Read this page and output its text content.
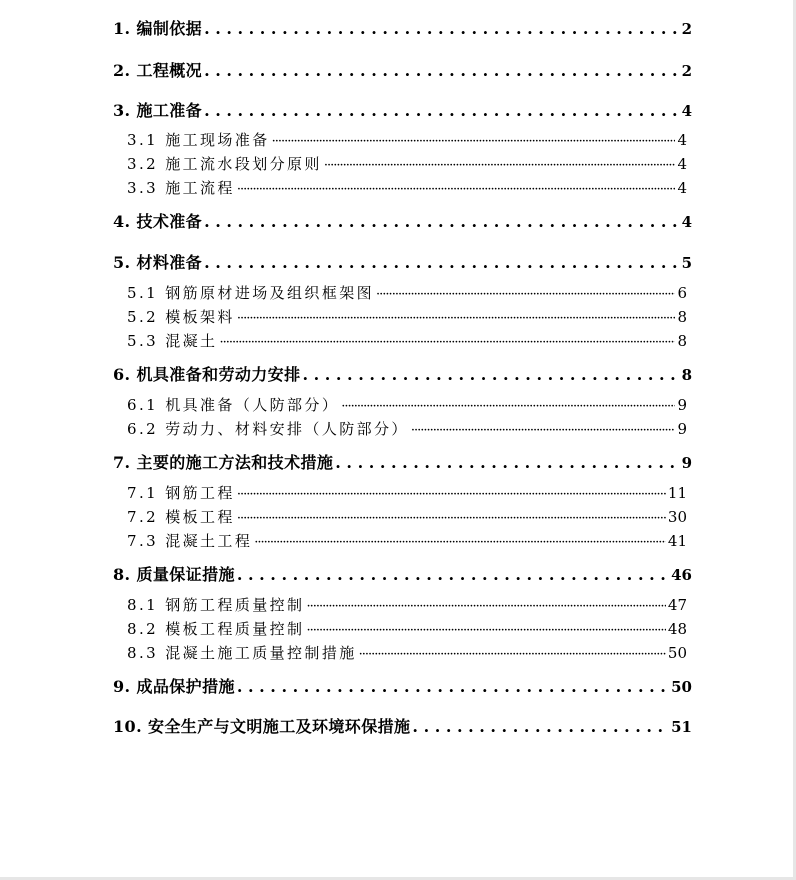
1. 编制依据 . . .	2
2. 工程概况 . . .	2
3. 施工准备 . . .	4
3.1 施工现场准备 ·····	4
3.2 施工流水段划分原则 ·····	4
3.3 施工流程 ·····	4
4. 技术准备 . . .	4
5. 材料准备 . . .	5
5.1 钢筋原材进场及组织框架图 ·····	6
5.2 模板架料 ·····	8
5.3 混凝土 ·····	8
6. 机具准备和劳动力安排 . . .	8
6.1 机具准备（人防部分） ·····	9
6.2 劳动力、材料安排（人防部分） ·····	9
7. 主要的施工方法和技术措施 . . .	9
7.1 钢筋工程 ·····	11
7.2 模板工程 ·····	30
7.3 混凝土工程 ·····	41
8. 质量保证措施 . . .	46
8.1 钢筋工程质量控制 ·····	47
8.2 模板工程质量控制 ·····	48
8.3 混凝土施工质量控制措施 ·····	50
9. 成品保护措施 . . .	50
10. 安全生产与文明施工及环境环保措施 . . .	51
